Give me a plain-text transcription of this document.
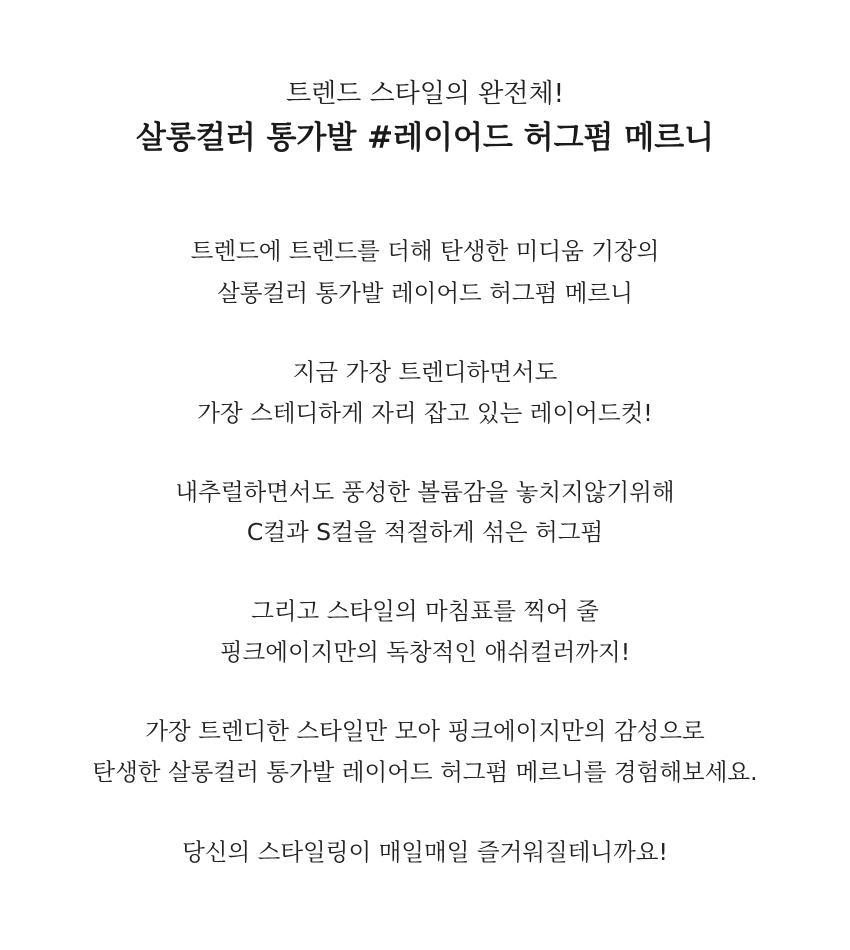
트렌드 스타일의 완전체!
살롱컬러 통가발 #레이어드 허그펌 메르니
트렌드에 트렌드를 더해 탄생한 미디움 기장의
살롱컬러 통가발 레이어드 허그펌 메르니
지금 가장 트렌디하면서도
가장 스테디하게 자리 잡고 있는 레이어드컷!
내추럴하면서도 풍성한 볼륨감을 놓치지않기위해
C컬과 S컬을 적절하게 섞은 허그펌
그리고 스타일의 마침표를 찍어 줄
핑크에이지만의 독창적인 애쉬컬러까지!
가장 트렌디한 스타일만 모아 핑크에이지만의 감성으로
탄생한 살롱컬러 통가발 레이어드 허그펌 메르니를 경험해보세요.
당신의 스타일링이 매일매일 즐거워질테니까요!
